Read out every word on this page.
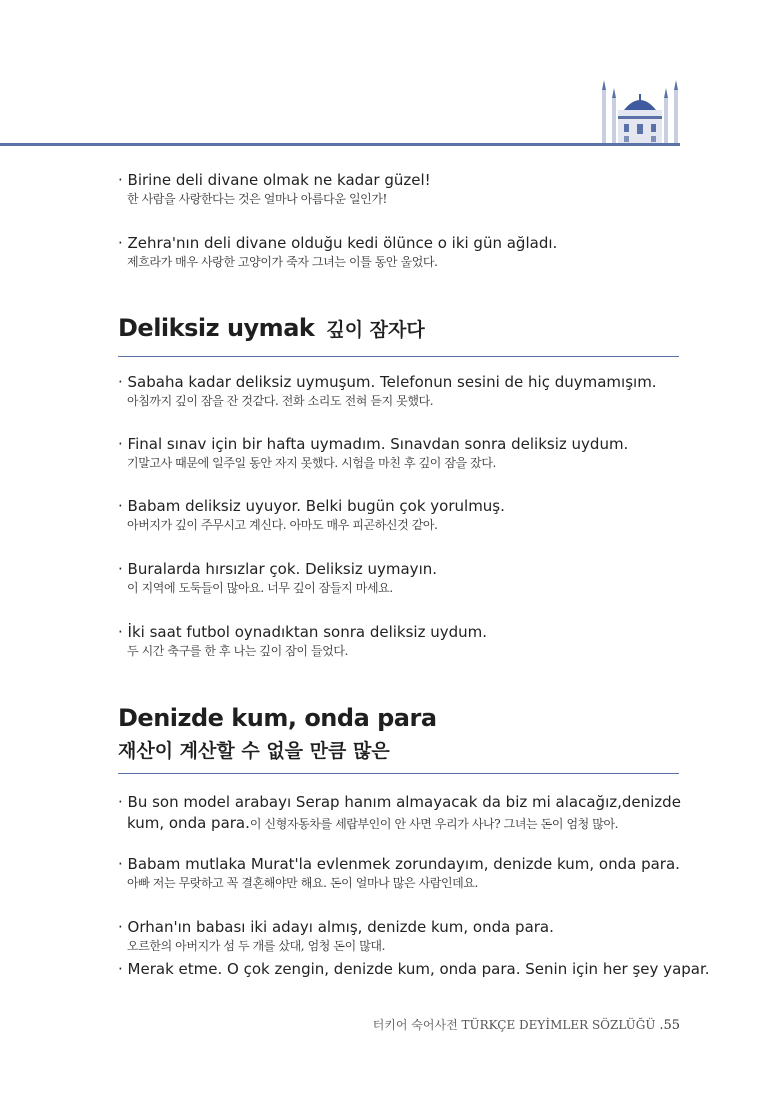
· Birine deli divane olmak ne kadar güzel!
한 사람을 사랑한다는 것은 얼마나 아름다운 일인가!
· Zehra'nın deli divane olduğu kedi ölünce o iki gün ağladı.
제흐라가 매우 사랑한 고양이가 죽자 그녀는 이틀 동안 울었다.
Deliksiz uymak 깊이 잠자다
· Sabaha kadar deliksiz uymuşum. Telefonun sesini de hiç duymamışım.
아침까지 깊이 잠을 잔 것같다. 전화 소리도 전혀 듣지 못했다.
· Final sınav için bir hafta uymadım. Sınavdan sonra deliksiz uydum.
기말고사 때문에 일주일 동안 자지 못했다. 시험을 마친 후 깊이 잠을 잤다.
· Babam deliksiz uyuyor. Belki bugün çok yorulmuş.
아버지가 깊이 주무시고 계신다. 아마도 매우 피곤하신것 같아.
· Buralarda hırsızlar çok. Deliksiz uymayın.
이 지역에 도둑들이 많아요. 너무 깊이 잠들지 마세요.
· İki saat futbol oynadıktan sonra deliksiz uydum.
두 시간 축구를 한 후 나는 깊이 잠이 들었다.
Denizde kum, onda para
재산이 계산할 수 없을 만큼 많은
· Bu son model arabayı Serap hanım almayacak da biz mi alacağız,denizde
kum, onda para.이 신형자동차를 세랍부인이 안 사면 우리가 사나? 그녀는 돈이 엄청 많아.
· Babam mutlaka Murat'la evlenmek zorundayım, denizde kum, onda para.
아빠 저는 무랏하고 꼭 결혼해야만 해요. 돈이 얼마나 많은 사람인데요.
· Orhan'ın babası iki adayı almış, denizde kum, onda para.
오르한의 아버지가 섬 두 개를 샀대, 엄청 돈이 많대.
· Merak etme. O çok zengin, denizde kum, onda para. Senin için her şey yapar.
터키어 숙어사전 TÜRKÇE DEYİMLER SÖZLÜĞÜ .55
